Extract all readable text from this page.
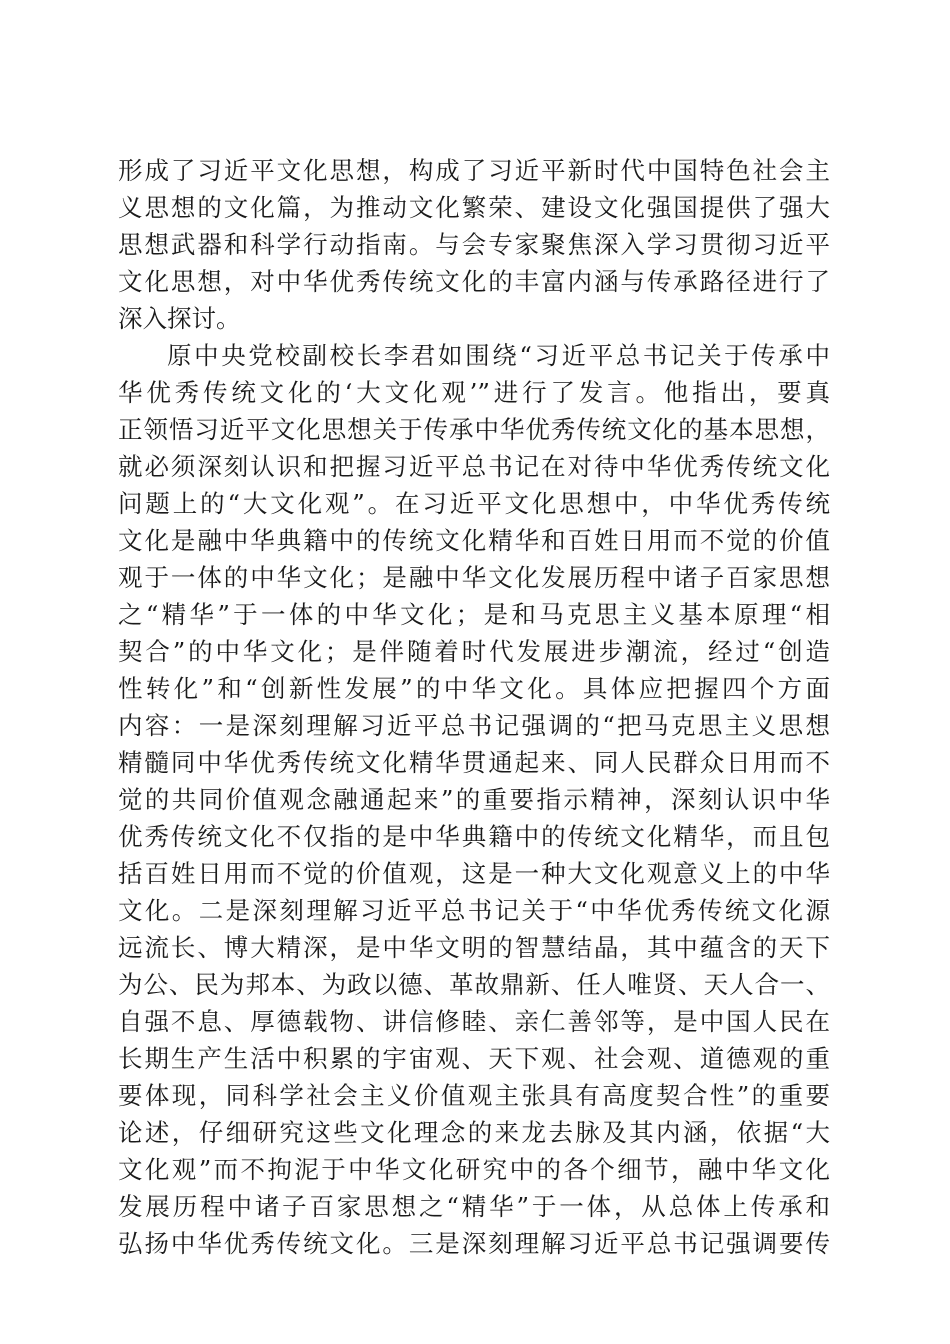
形成了习近平文化思想，构成了习近平新时代中国特色社会主
义思想的文化篇，为推动文化繁荣、建设文化强国提供了强大
思想武器和科学行动指南。与会专家聚焦深入学习贯彻习近平
文化思想，对中华优秀传统文化的丰富内涵与传承路径进行了
深入探讨。
原中央党校副校长李君如围绕“习近平总书记关于传承中
华优秀传统文化的‘大文化观’”进行了发言。他指出，要真
正领悟习近平文化思想关于传承中华优秀传统文化的基本思想，
就必须深刻认识和把握习近平总书记在对待中华优秀传统文化
问题上的“大文化观”。在习近平文化思想中，中华优秀传统
文化是融中华典籍中的传统文化精华和百姓日用而不觉的价值
观于一体的中华文化；是融中华文化发展历程中诸子百家思想
之“精华”于一体的中华文化；是和马克思主义基本原理“相
契合”的中华文化；是伴随着时代发展进步潮流，经过“创造
性转化”和“创新性发展”的中华文化。具体应把握四个方面
内容：一是深刻理解习近平总书记强调的“把马克思主义思想
精髓同中华优秀传统文化精华贯通起来、同人民群众日用而不
觉的共同价值观念融通起来”的重要指示精神，深刻认识中华
优秀传统文化不仅指的是中华典籍中的传统文化精华，而且包
括百姓日用而不觉的价值观，这是一种大文化观意义上的中华
文化。二是深刻理解习近平总书记关于“中华优秀传统文化源
远流长、博大精深，是中华文明的智慧结晶，其中蕴含的天下
为公、民为邦本、为政以德、革故鼎新、任人唯贤、天人合一、
自强不息、厚德载物、讲信修睦、亲仁善邻等，是中国人民在
长期生产生活中积累的宇宙观、天下观、社会观、道德观的重
要体现，同科学社会主义价值观主张具有高度契合性”的重要
论述，仔细研究这些文化理念的来龙去脉及其内涵，依据“大
文化观”而不拘泥于中华文化研究中的各个细节，融中华文化
发展历程中诸子百家思想之“精华”于一体，从总体上传承和
弘扬中华优秀传统文化。三是深刻理解习近平总书记强调要传
